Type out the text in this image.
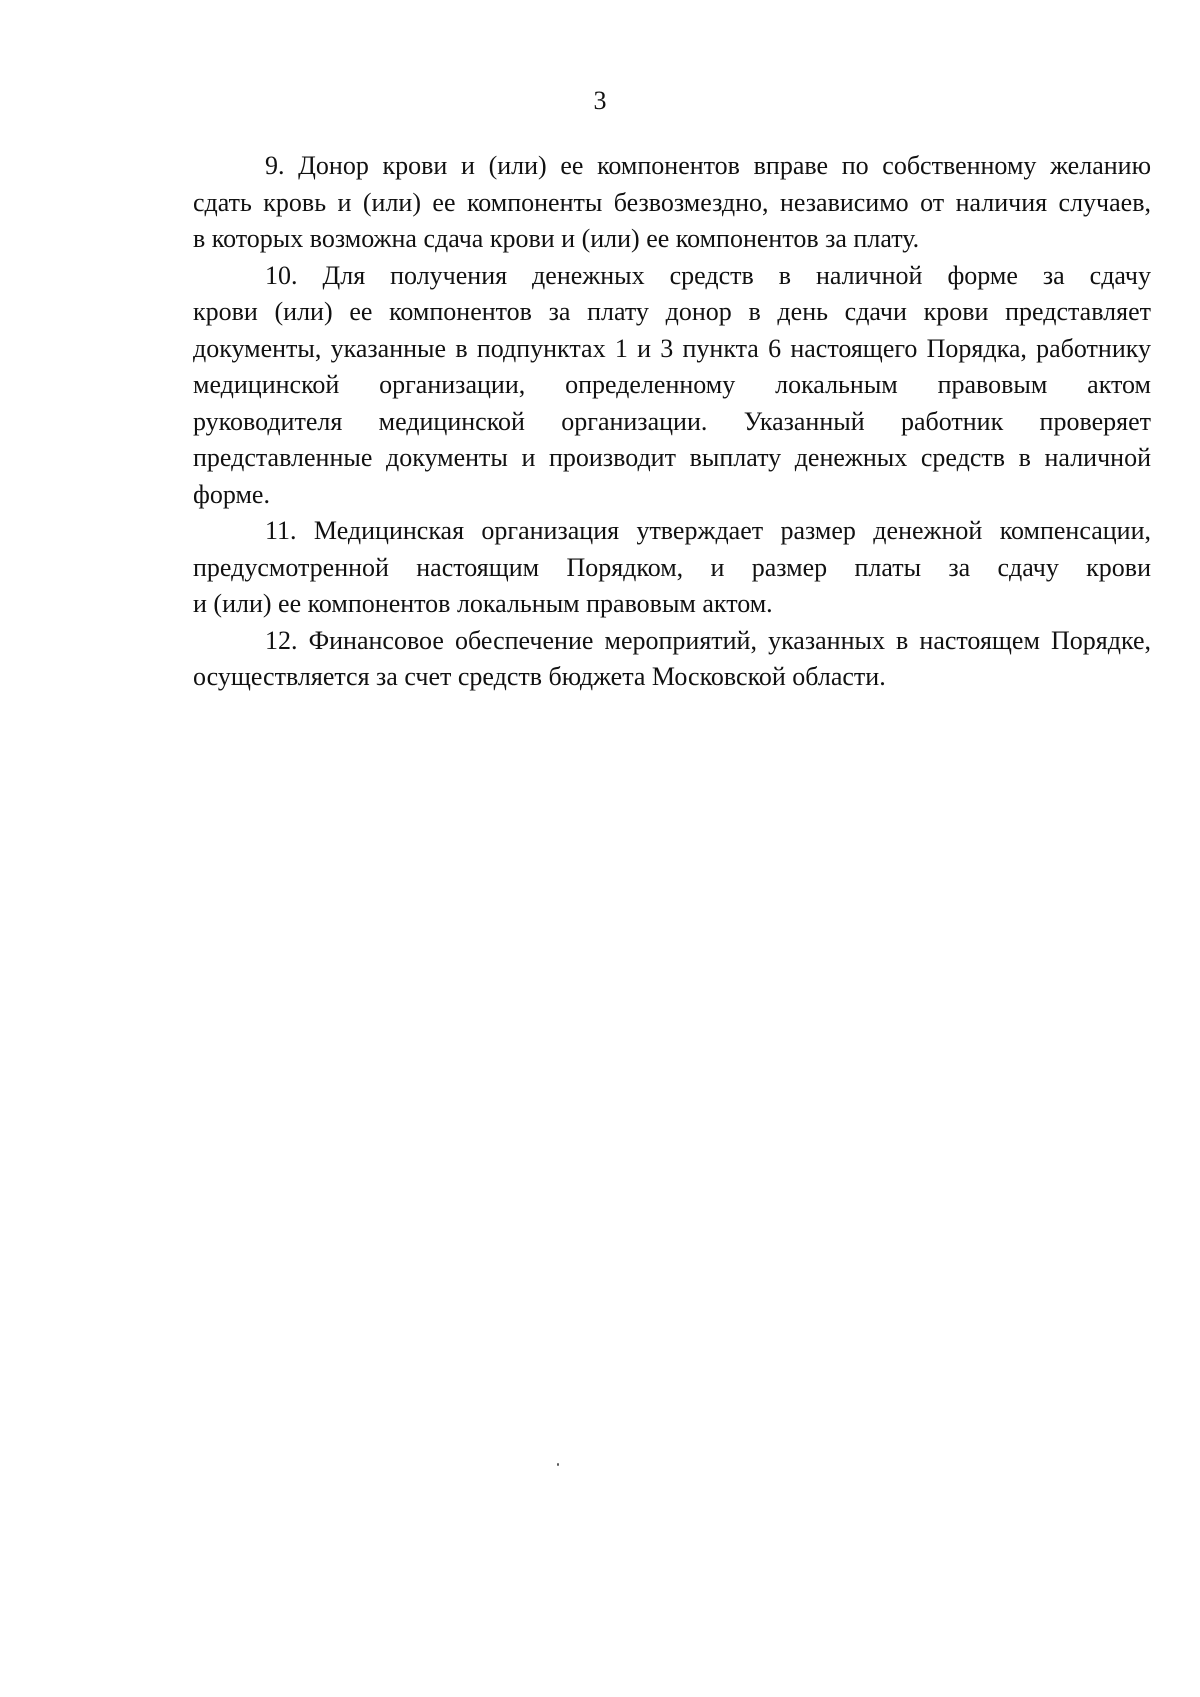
3

9. Донор крови и (или) ее компонентов вправе по собственному желанию
сдать кровь и (или) ее компоненты безвозмездно, независимо от наличия случаев,
в которых возможна сдача крови и (или) ее компонентов за плату.

10. Для получения денежных средств в наличной форме за сдачу
крови (или) ее компонентов за плату донор в день сдачи крови представляет
документы, указанные в подпунктах 1 и 3 пункта 6 настоящего Порядка, работнику
медицинской организации, определенному локальным правовым актом
руководителя медицинской организации. Указанный работник проверяет
представленные документы и производит выплату денежных средств в наличной
форме.

11. Медицинская организация утверждает размер денежной компенсации,
предусмотренной настоящим Порядком, и размер платы за сдачу крови
и (или) ее компонентов локальным правовым актом.

12. Финансовое обеспечение мероприятий, указанных в настоящем Порядке,
осуществляется за счет средств бюджета Московской области.
